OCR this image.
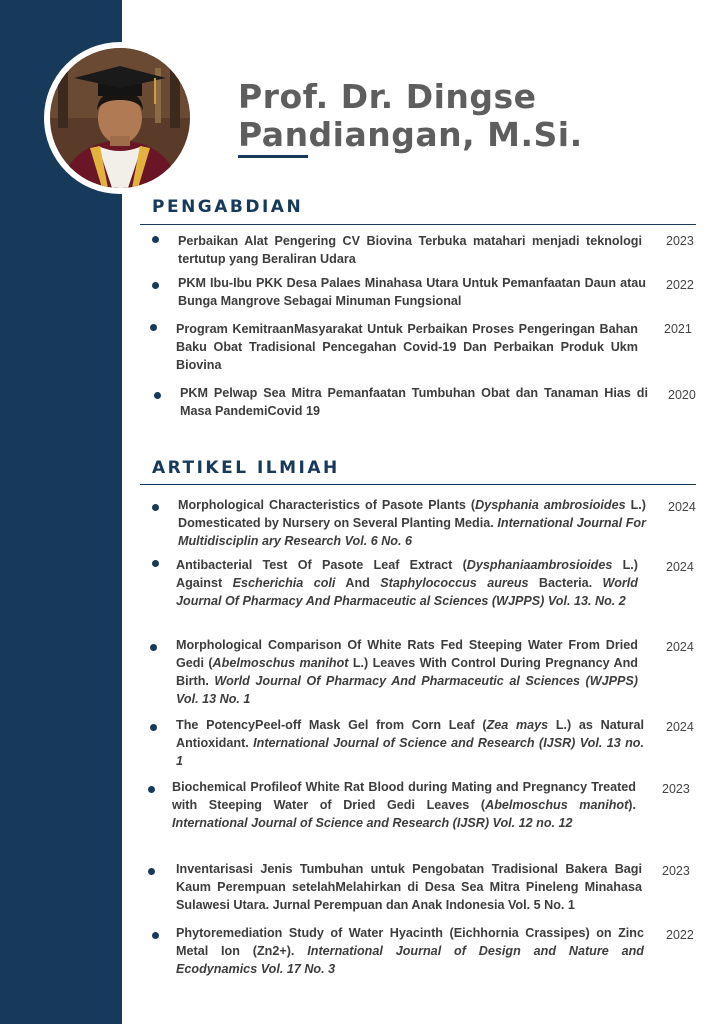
Prof. Dr. Dingse
Pandiangan, M.Si.
PENGABDIAN
Perbaikan Alat Pengering CV Biovina Terbuka matahari menjadi teknologi tertutup yang Beraliran Udara
2023
PKM Ibu-Ibu PKK Desa Palaes Minahasa Utara Untuk Pemanfaatan Daun atau Bunga Mangrove Sebagai Minuman Fungsional
2022
Program KemitraanMasyarakat Untuk Perbaikan Proses Pengeringan Bahan Baku Obat Tradisional Pencegahan Covid-19 Dan Perbaikan Produk Ukm Biovina
2021
PKM Pelwap Sea Mitra Pemanfaatan Tumbuhan Obat dan Tanaman Hias di Masa PandemiCovid 19
2020
ARTIKEL ILMIAH
Morphological Characteristics of Pasote Plants (Dysphania ambrosioides L.) Domesticated by Nursery on Several Planting Media. International Journal For Multidisciplin ary Research Vol. 6 No. 6
2024
Antibacterial Test Of Pasote Leaf Extract (Dysphaniaambrosioides L.) Against Escherichia coli And Staphylococcus aureus Bacteria. World Journal Of Pharmacy And Pharmaceutic al Sciences (WJPPS) Vol. 13. No. 2
2024
Morphological Comparison Of White Rats Fed Steeping Water From Dried Gedi (Abelmoschus manihot L.) Leaves With Control During Pregnancy And Birth. World Journal Of Pharmacy And Pharmaceutic al Sciences (WJPPS) Vol. 13 No. 1
2024
The PotencyPeel-off Mask Gel from Corn Leaf (Zea mays L.) as Natural Antioxidant. International Journal of Science and Research (IJSR) Vol. 13 no. 1
2024
Biochemical Profileof White Rat Blood during Mating and Pregnancy Treated with Steeping Water of Dried Gedi Leaves (Abelmoschus manihot). International Journal of Science and Research (IJSR) Vol. 12 no. 12
2023
Inventarisasi Jenis Tumbuhan untuk Pengobatan Tradisional Bakera Bagi Kaum Perempuan setelahMelahirkan di Desa Sea Mitra Pineleng Minahasa Sulawesi Utara. Jurnal Perempuan dan Anak Indonesia Vol. 5 No. 1
2023
Phytoremediation Study of Water Hyacinth (Eichhornia Crassipes) on Zinc Metal Ion (Zn2+). International Journal of Design and Nature and Ecodynamics Vol. 17 No. 3
2022
